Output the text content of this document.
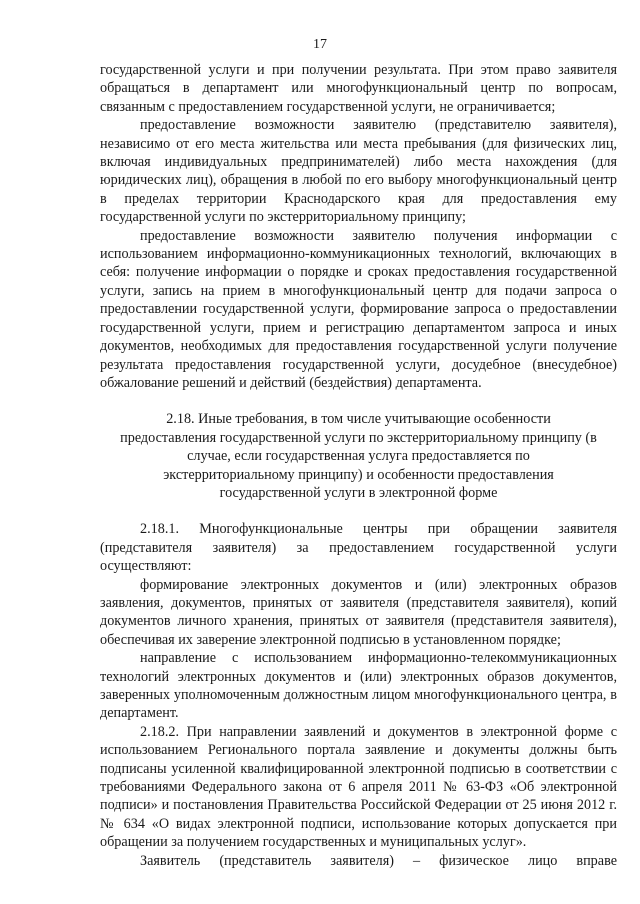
17

государственной услуги и при получении результата. При этом право заявителя обращаться в департамент или многофункциональный центр по вопросам, связанным с предоставлением государственной услуги, не ограничивается;

предоставление возможности заявителю (представителю заявителя), независимо от его места жительства или места пребывания (для физических лиц, включая индивидуальных предпринимателей) либо места нахождения (для юридических лиц), обращения в любой по его выбору многофункциональный центр в пределах территории Краснодарского края для предоставления ему государственной услуги по экстерриториальному принципу;

предоставление возможности заявителю получения информации с использованием информационно-коммуникационных технологий, включающих в себя: получение информации о порядке и сроках предоставления государственной услуги, запись на прием в многофункциональный центр для подачи запроса о предоставлении государственной услуги, формирование запроса о предоставлении государственной услуги, прием и регистрацию департаментом запроса и иных документов, необходимых для предоставления государственной услуги получение результата предоставления государственной услуги, досудебное (внесудебное) обжалование решений и действий (бездействия) департамента.

2.18. Иные требования, в том числе учитывающие особенности предоставления государственной услуги по экстерриториальному принципу (в случае, если государственная услуга предоставляется по экстерриториальному принципу) и особенности предоставления государственной услуги в электронной форме

2.18.1. Многофункциональные центры при обращении заявителя (представителя заявителя) за предоставлением государственной услуги осуществляют:

формирование электронных документов и (или) электронных образов заявления, документов, принятых от заявителя (представителя заявителя), копий документов личного хранения, принятых от заявителя (представителя заявителя), обеспечивая их заверение электронной подписью в установленном порядке;

направление с использованием информационно-телекоммуникационных технологий электронных документов и (или) электронных образов документов, заверенных уполномоченным должностным лицом многофункционального центра, в департамент.

2.18.2. При направлении заявлений и документов в электронной форме с использованием Регионального портала заявление и документы должны быть подписаны усиленной квалифицированной электронной подписью в соответствии с требованиями Федерального закона от 6 апреля 2011 № 63-ФЗ «Об электронной подписи» и постановления Правительства Российской Федерации от 25 июня 2012 г. № 634 «О видах электронной подписи, использование которых допускается при обращении за получением государственных и муниципальных услуг».

Заявитель (представитель заявителя) – физическое лицо вправе
